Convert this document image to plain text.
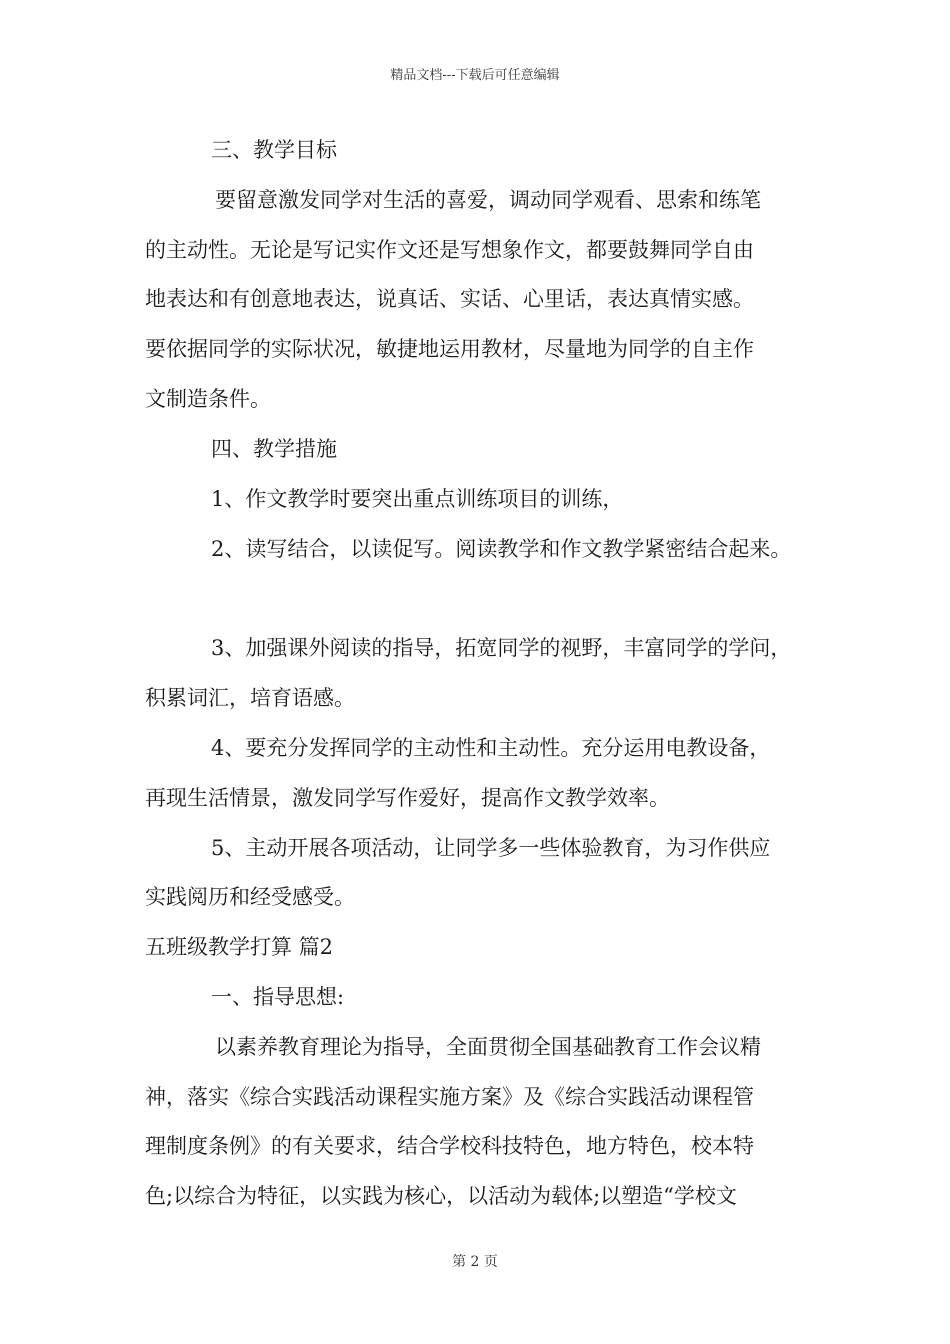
精品文档---下载后可任意编辑
三、教学目标
要留意激发同学对生活的喜爱，调动同学观看、思索和练笔
的主动性。无论是写记实作文还是写想象作文，都要鼓舞同学自由
地表达和有创意地表达，说真话、实话、心里话，表达真情实感。
要依据同学的实际状况，敏捷地运用教材，尽量地为同学的自主作
文制造条件。
四、教学措施
1、作文教学时要突出重点训练项目的训练，
2、读写结合，以读促写。阅读教学和作文教学紧密结合起来。
3、加强课外阅读的指导，拓宽同学的视野，丰富同学的学问，
积累词汇，培育语感。
4、要充分发挥同学的主动性和主动性。充分运用电教设备，
再现生活情景，激发同学写作爱好，提高作文教学效率。
5、主动开展各项活动，让同学多一些体验教育，为习作供应
实践阅历和经受感受。
五班级教学打算 篇2
一、指导思想:
以素养教育理论为指导，全面贯彻全国基础教育工作会议精
神，落实《综合实践活动课程实施方案》及《综合实践活动课程管
理制度条例》的有关要求，结合学校科技特色，地方特色，校本特
色;以综合为特征，以实践为核心，以活动为载体;以塑造“学校文
第 2 页
